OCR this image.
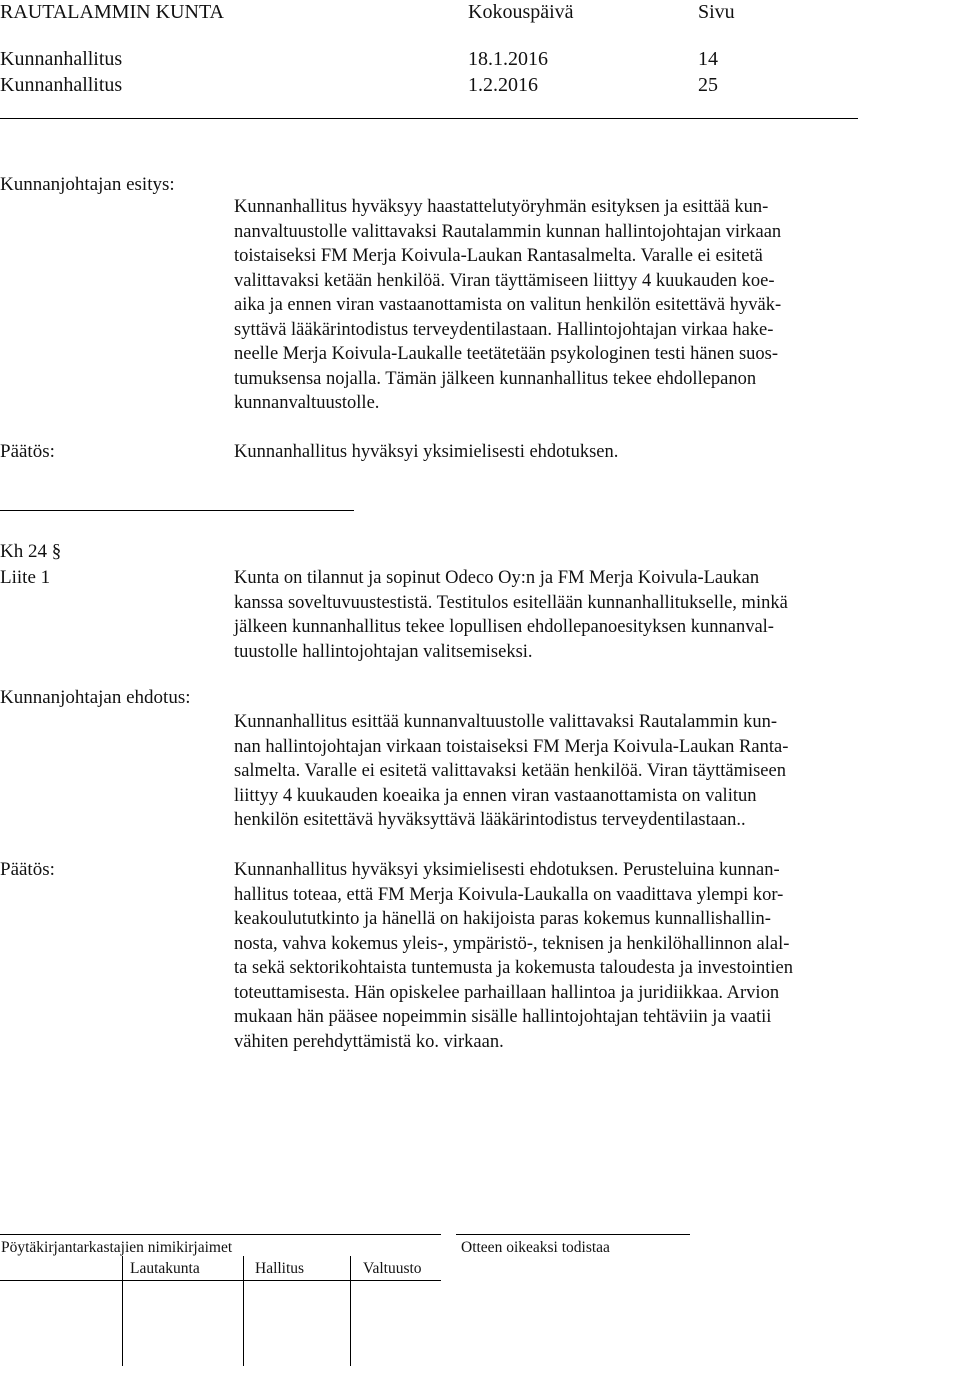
RAUTALAMMIN KUNTA	Kokouspäivä	Sivu
Kunnanhallitus	18.1.2016	14
Kunnanhallitus	1.2.2016	25
Kunnanjohtajan esitys:
Kunnanhallitus hyväksyy haastattelutyöryhmän esityksen ja esittää kun-
nanvaltuustolle valittavaksi Rautalammin kunnan hallintojohtajan virkaan
toistaiseksi FM Merja Koivula-Laukan Rantasalmelta. Varalle ei esitetä
valittavaksi ketään henkilöä. Viran täyttämiseen liittyy 4 kuukauden koe-
aika ja ennen viran vastaanottamista on valitun henkilön esitettävä hyväk-
syttävä lääkärintodistus terveydentilastaan. Hallintojohtajan virkaa hake-
neelle Merja Koivula-Laukalle teetätetään psykologinen testi hänen suos-
tumuksensa nojalla. Tämän jälkeen kunnanhallitus tekee ehdollepanon
kunnanvaltuustolle.
Päätös:	Kunnanhallitus hyväksyi yksimielisesti ehdotuksen.
Kh 24 §
Liite 1	Kunta on tilannut ja sopinut Odeco Oy:n ja FM Merja Koivula-Laukan
kanssa soveltuvuustestistä. Testitulos esitellään kunnanhallitukselle, minkä
jälkeen kunnanhallitus tekee lopullisen ehdollepanoesityksen kunnanval-
tuustolle hallintojohtajan valitsemiseksi.
Kunnanjohtajan ehdotus:
Kunnanhallitus esittää kunnanvaltuustolle valittavaksi Rautalammin kun-
nan hallintojohtajan virkaan toistaiseksi FM Merja Koivula-Laukan Ranta-
salmelta. Varalle ei esitetä valittavaksi ketään henkilöä. Viran täyttämiseen
liittyy 4 kuukauden koeaika ja ennen viran vastaanottamista on valitun
henkilön esitettävä hyväksyttävä lääkärintodistus terveydentilastaan..
Päätös:	Kunnanhallitus hyväksyi yksimielisesti ehdotuksen. Perusteluina kunnan-
hallitus toteaa, että FM Merja Koivula-Laukalla on vaadittava ylempi kor-
keakoulututkinto ja hänellä on hakijoista paras kokemus kunnallishallin-
nosta, vahva kokemus yleis-, ympäristö-, teknisen ja henkilöhallinnon alal-
ta sekä sektorikohtaista tuntemusta ja kokemusta taloudesta ja investointien
toteuttamisesta. Hän opiskelee parhaillaan hallintoa ja juridiikkaa. Arvion
mukaan hän pääsee nopeimmin sisälle hallintojohtajan tehtäviin ja vaatii
vähiten perehdyttämistä ko. virkaan.
Pöytäkirjantarkastajien nimikirjaimet	Otteen oikeaksi todistaa
Lautakunta	Hallitus	Valtuusto
